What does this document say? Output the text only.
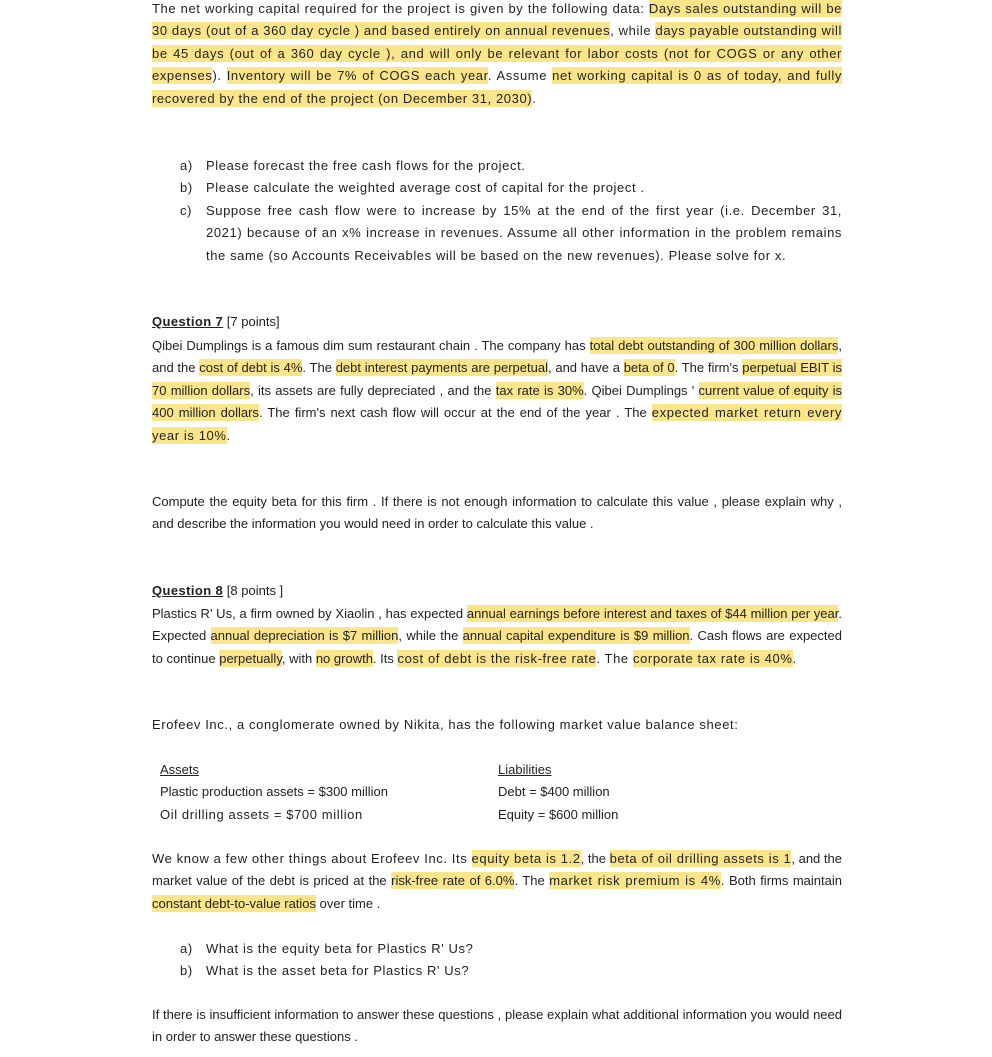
The net working capital required for the project is given by the following data: Days sales outstanding will be 30 days (out of a 360 day cycle ) and based entirely on annual revenues, while days payable outstanding will be 45 days (out of a 360 day cycle ), and will only be relevant for labor costs (not for COGS or any other expenses). Inventory will be 7% of COGS each year. Assume net working capital is 0 as of today, and fully recovered by the end of the project (on December 31, 2030).

a) Please forecast the free cash flows for the project.
b) Please calculate the weighted average cost of capital for the project .
c) Suppose free cash flow were to increase by 15% at the end of the first year (i.e. December 31, 2021) because of an x% increase in revenues. Assume all other information in the problem remains the same (so Accounts Receivables will be based on the new revenues). Please solve for x.

Question 7 [7 points]

Qibei Dumplings is a famous dim sum restaurant chain . The company has total debt outstanding of 300 million dollars, and the cost of debt is 4%. The debt interest payments are perpetual, and have a beta of 0. The firm's perpetual EBIT is 70 million dollars, its assets are fully depreciated , and the tax rate is 30%. Qibei Dumplings ' current value of equity is 400 million dollars. The firm's next cash flow will occur at the end of the year . The expected market return every year is 10%.

Compute the equity beta for this firm . If there is not enough information to calculate this value , please explain why , and describe the information you would need in order to calculate this value .

Question 8 [8 points ]

Plastics R' Us, a firm owned by Xiaolin , has expected annual earnings before interest and taxes of $44 million per year. Expected annual depreciation is $7 million, while the annual capital expenditure is $9 million. Cash flows are expected to continue perpetually, with no growth. Its cost of debt is the risk-free rate. The corporate tax rate is 40%.

Erofeev Inc., a conglomerate owned by Nikita, has the following market value balance sheet:

Assets
Plastic production assets = $300 million
Oil drilling assets = $700 million
Liabilities
Debt = $400 million
Equity = $600 million

We know a few other things about Erofeev Inc. Its equity beta is 1.2, the beta of oil drilling assets is 1, and the market value of the debt is priced at the risk-free rate of 6.0%. The market risk premium is 4%. Both firms maintain constant debt-to-value ratios over time .

a) What is the equity beta for Plastics R' Us?
b) What is the asset beta for Plastics R' Us?

If there is insufficient information to answer these questions , please explain what additional information you would need in order to answer these questions .
